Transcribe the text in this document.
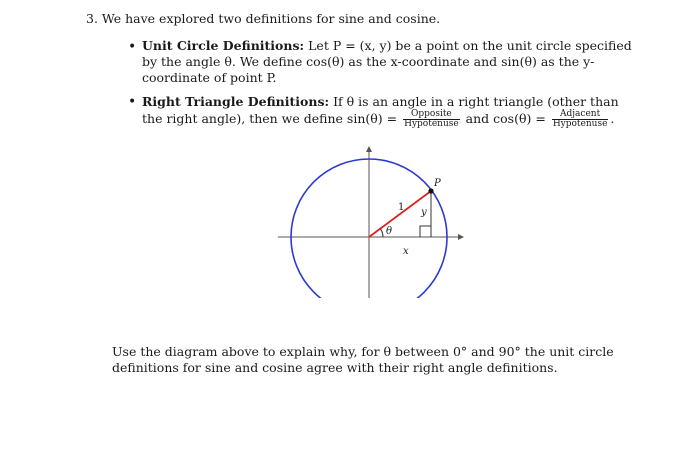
3. We have explored two definitions for sine and cosine.
• Unit Circle Definitions: Let P = (x, y) be a point on the unit circle specified by the angle θ. We define cos(θ) as the x-coordinate and sin(θ) as the y-coordinate of point P.
• Right Triangle Definitions: If θ is an angle in a right triangle (other than the right angle), then we define $\sin(\theta) = \frac{\text{Opposite}}{\text{Hypotenuse}}$ and $\cos(\theta) = \frac{\text{Adjacent}}{\text{Hypotenuse}}$ .
P
1 y
θ
x
Use the diagram above to explain why, for θ between 0° and 90° the unit circle definitions for sine and cosine agree with their right angle definitions.
